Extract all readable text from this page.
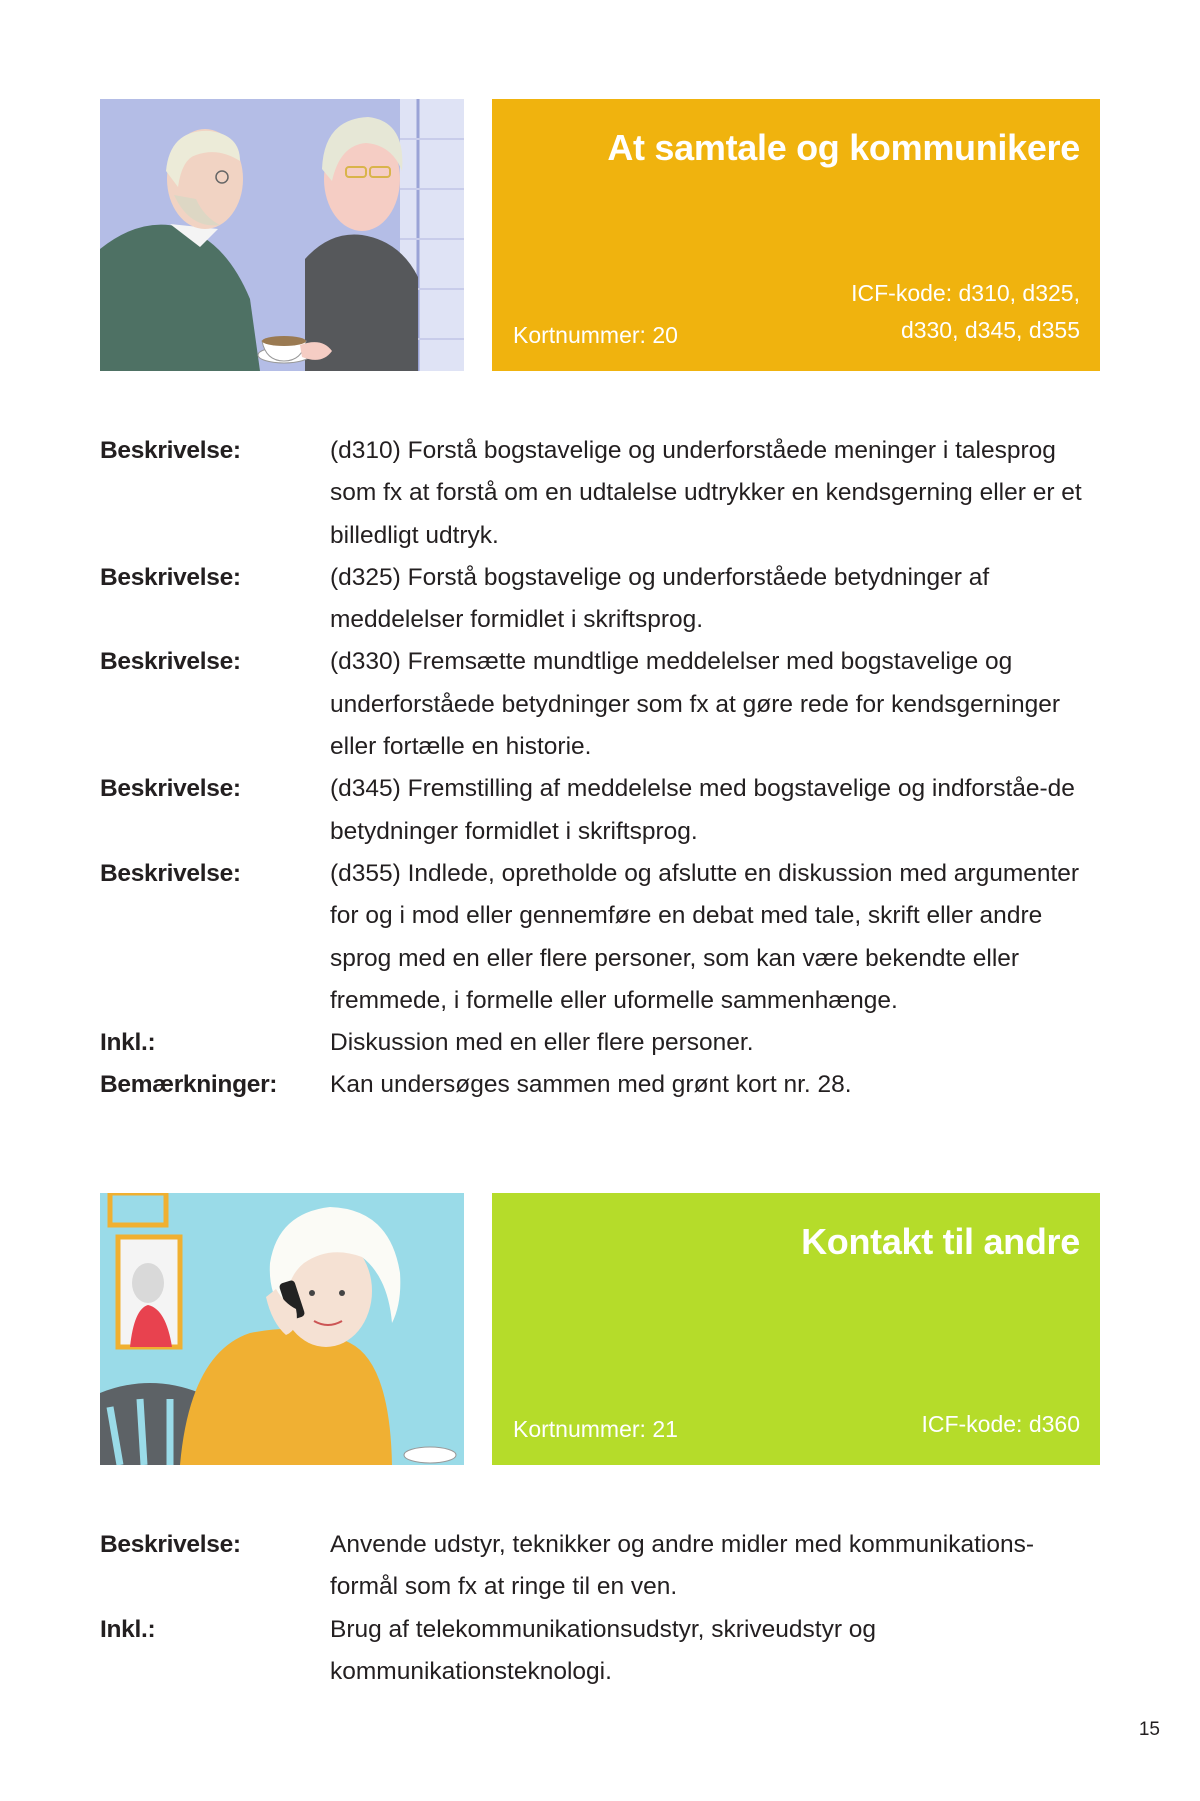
At samtale og kommunikere
Kortnummer: 20
ICF-kode: d310, d325, d330, d345, d355
Beskrivelse:	(d310) Forstå bogstavelige og underforståede meninger i talesprog som fx at forstå om en udtalelse udtrykker en kendsgerning eller er et billedligt udtryk.
Beskrivelse:	(d325) Forstå bogstavelige og underforståede betydninger af meddelelser formidlet i skriftsprog.
Beskrivelse:	(d330) Fremsætte mundtlige meddelelser med bogstavelige og underforståede betydninger som fx at gøre rede for kendsgerninger eller fortælle en historie.
Beskrivelse:	(d345) Fremstilling af meddelelse med bogstavelige og indforståe-de betydninger formidlet i skriftsprog.
Beskrivelse:	(d355) Indlede, opretholde og afslutte en diskussion med argumenter for og i mod eller gennemføre en debat med tale, skrift eller andre sprog med en eller flere personer, som kan være bekendte eller fremmede, i formelle eller uformelle sammenhænge.
Inkl.:	Diskussion med en eller flere personer.
Bemærkninger:	Kan undersøges sammen med grønt kort nr. 28.
Kontakt til andre
Kortnummer: 21	ICF-kode: d360
Beskrivelse:	Anvende udstyr, teknikker og andre midler med kommunikations-formål som fx at ringe til en ven.
Inkl.:	Brug af telekommunikationsudstyr, skriveudstyr og kommunikationsteknologi.
15
